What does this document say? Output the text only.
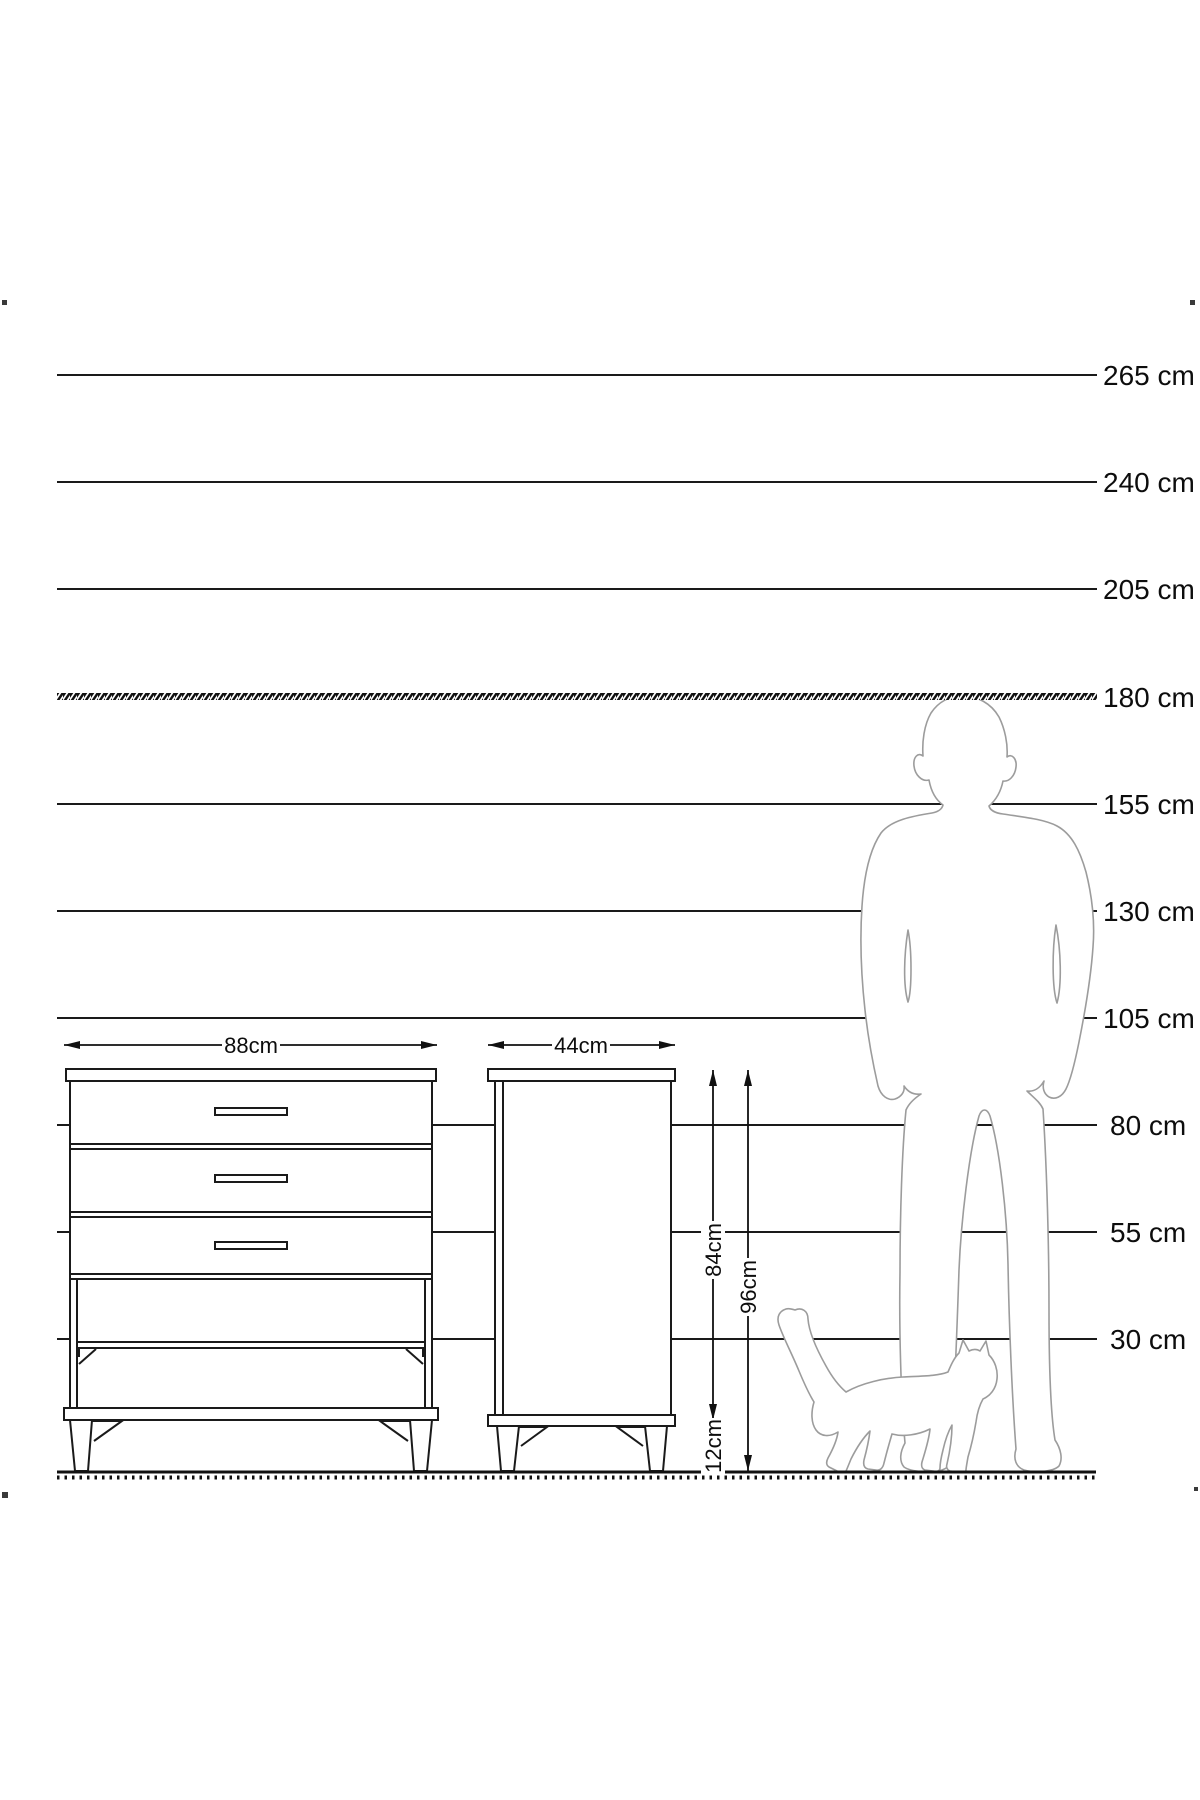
88cm	44cm
84cm
96cm
12cm
265 cm
240 cm
205 cm
180 cm
155 cm
130 cm
105 cm
80 cm
55 cm
30 cm
